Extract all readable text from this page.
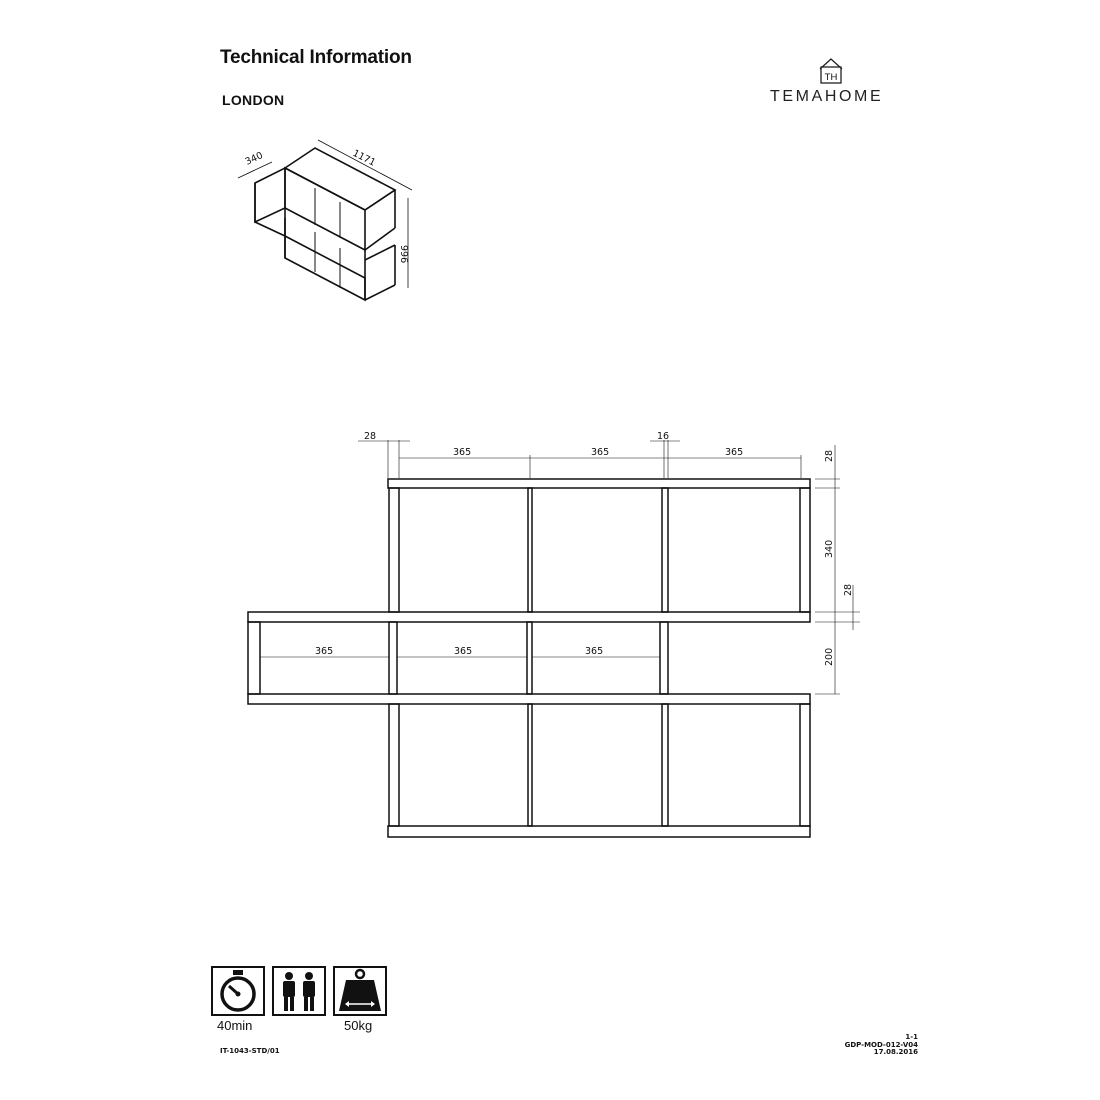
Technical Information
LONDON
TH
TEMAHOME
340	1171
996
28	16
365	365	365
365	365	365
28
340
28
200
40min
max.
50kg
IT-1043-STD/01
1-1
GDP-MOD-012-V04
17.08.2016
